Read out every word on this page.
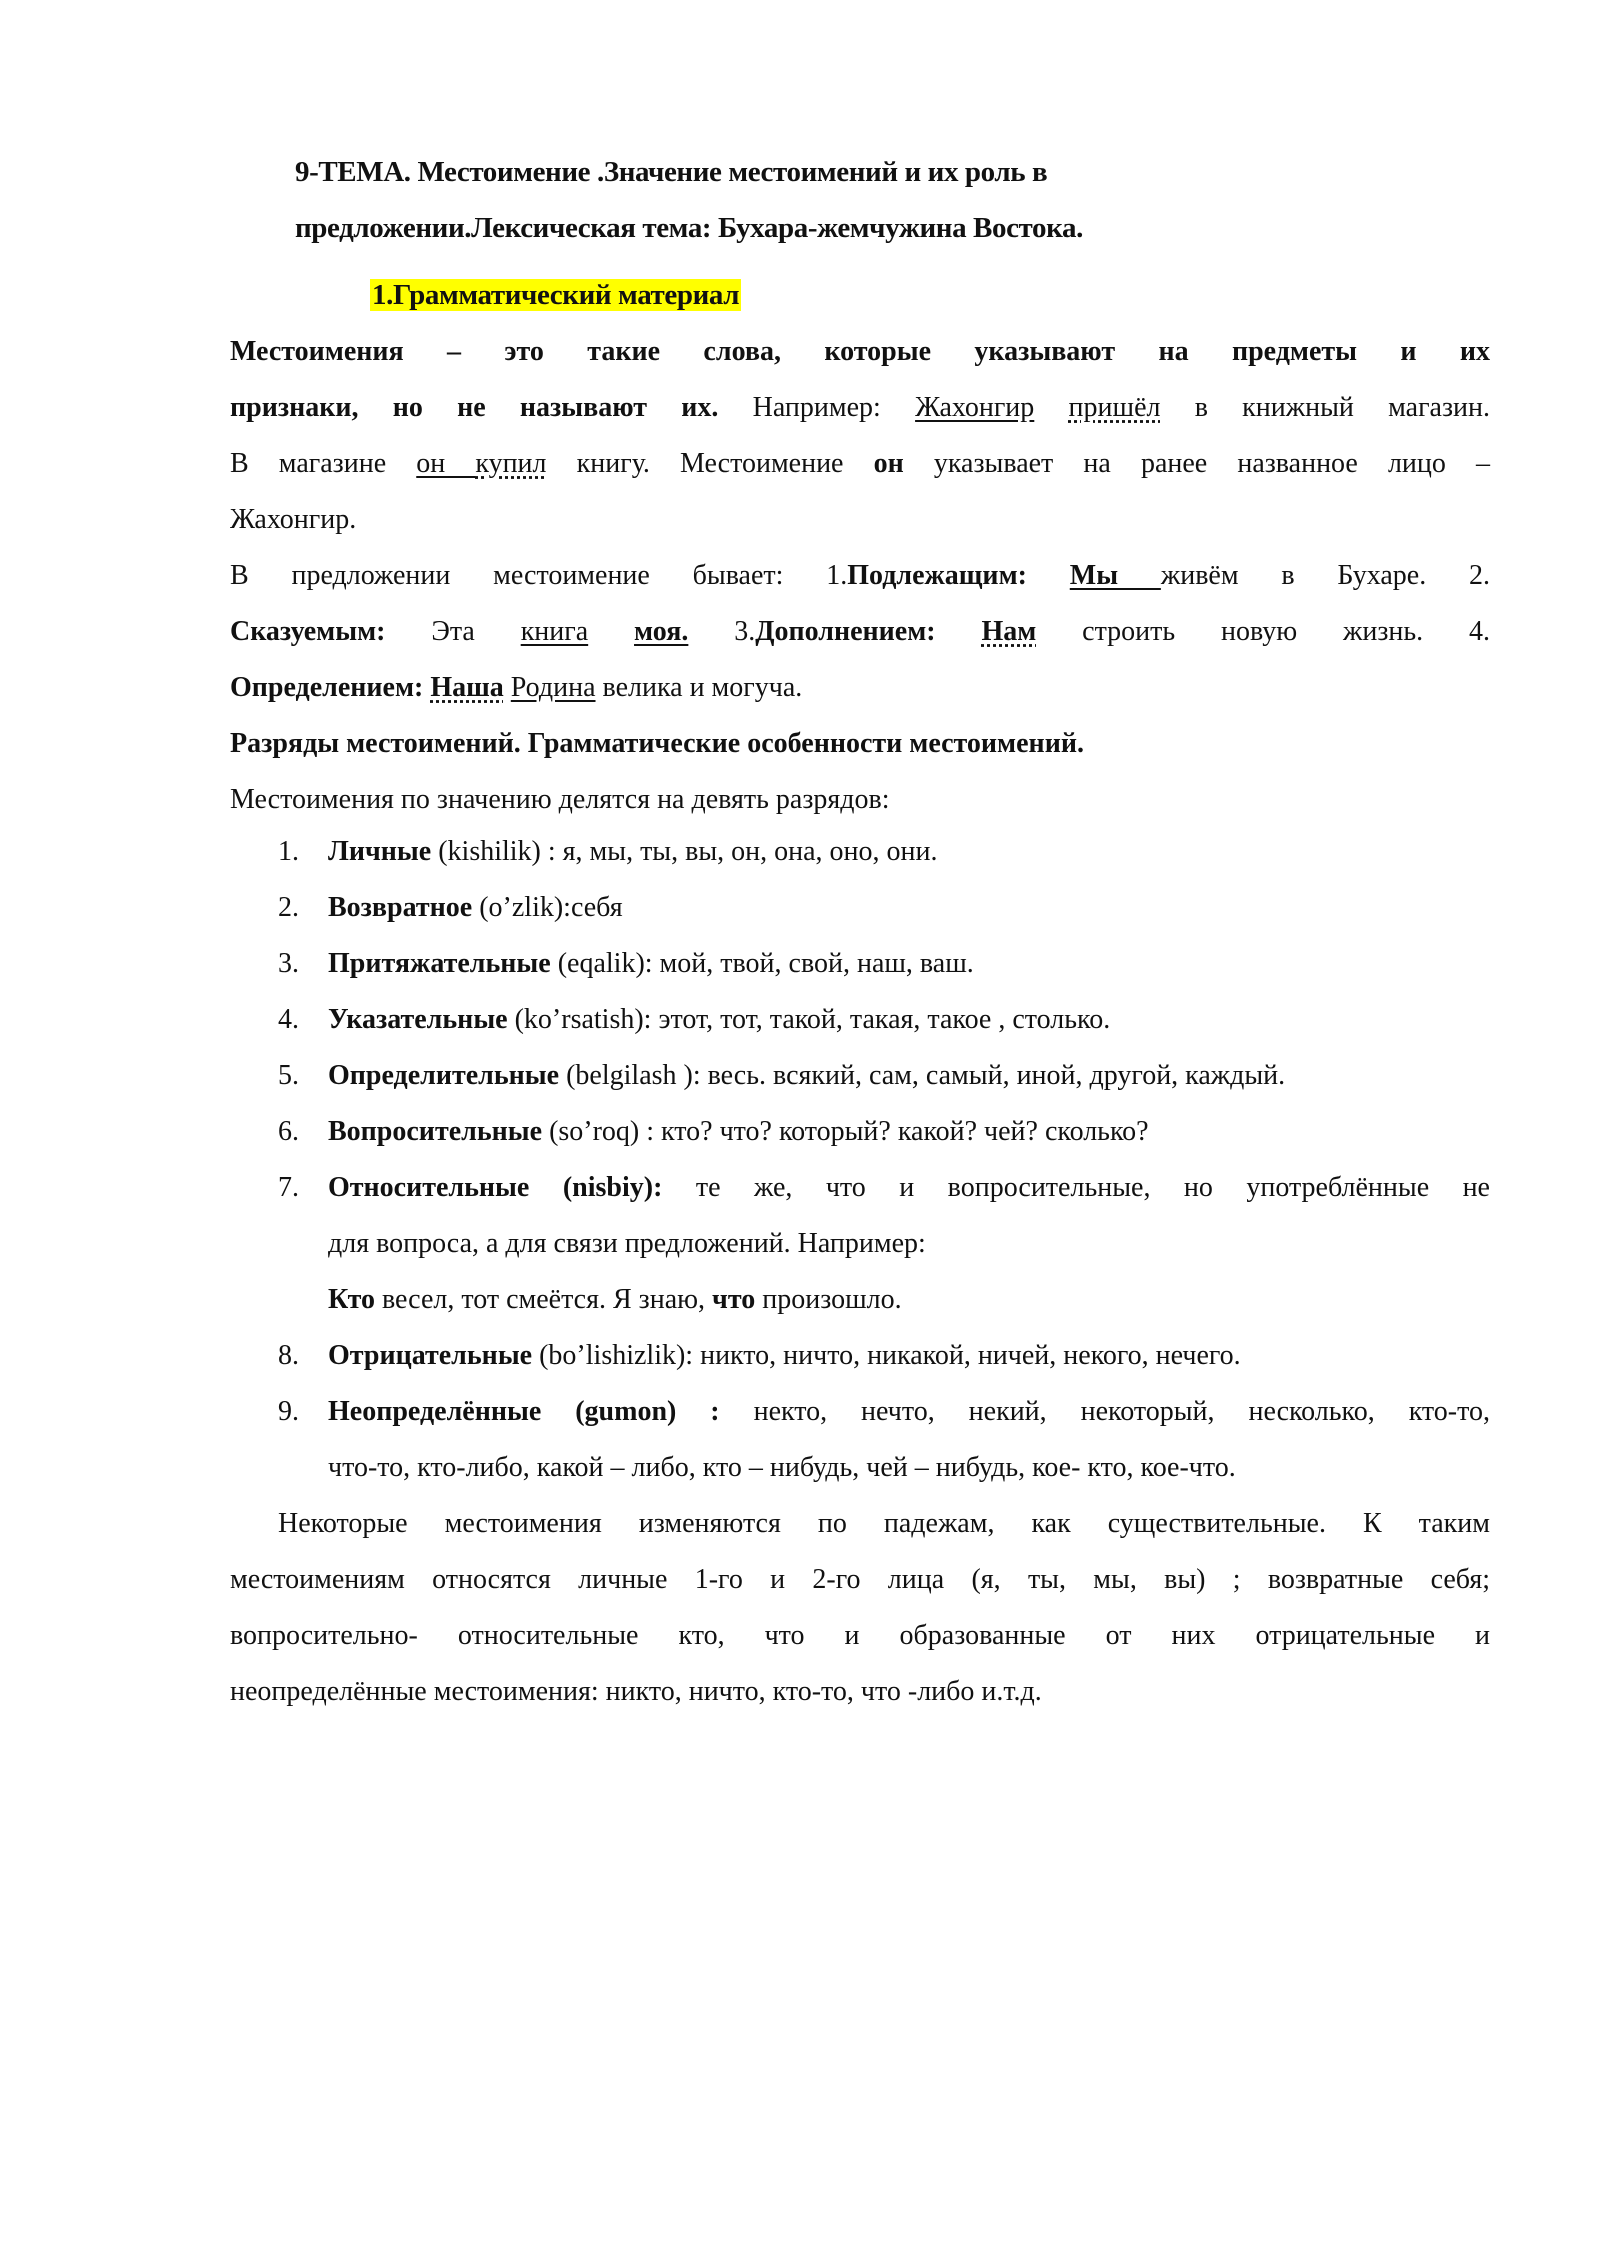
9-ТЕМА. Местоимение .Значение местоимений и их роль в
предложении.Лексическая тема: Бухара-жемчужина Востока.
1.Грамматический материал
Местоимения – это такие слова, которые указывают на предметы и их
признаки, но не называют их. Например: Жахонгир пришёл в книжный магазин.
В магазине он купил книгу. Местоимение он указывает на ранее названное лицо –
Жахонгир.
В предложении местоимение бывает: 1.Подлежащим: Мы живём в Бухаре. 2.
Сказуемым: Эта книга моя. 3.Дополнением: Нам строить новую жизнь. 4.
Определением: Наша Родина велика и могуча.
Разряды местоимений. Грамматические особенности местоимений.
Местоимения по значению делятся на девять разрядов:
1.	Личные (kishilik) : я, мы, ты, вы, он, она, оно, они.
2.	Возвратное (o’zlik):себя
3.	Притяжательные (eqalik): мой, твой, свой, наш, ваш.
4.	Указательные (ko’rsatish): этот, тот, такой, такая, такое , столько.
5.	Определительные (belgilash ): весь. всякий, сам, самый, иной, другой, каждый.
6.	Вопросительные (so’roq) : кто? что? который? какой? чей? сколько?
7.	Относительные (nisbiy): те же, что и вопросительные, но употреблённые не
для вопроса, а для связи предложений. Например:
Кто весел, тот смеётся. Я знаю, что произошло.
8.	Отрицательные (bo’lishizlik): никто, ничто, никакой, ничей, некого, нечего.
9.	Неопределённые (gumon) : некто, нечто, некий, некоторый, несколько, кто-то,
что-то, кто-либо, какой – либо, кто – нибудь, чей – нибудь, кое- кто, кое-что.
Некоторые местоимения изменяются по падежам, как существительные. К таким
местоимениям относятся личные 1-го и 2-го лица (я, ты, мы, вы) ; возвратные себя;
вопросительно- относительные кто, что и образованные от них отрицательные и
неопределённые местоимения: никто, ничто, кто-то, что -либо и.т.д.
